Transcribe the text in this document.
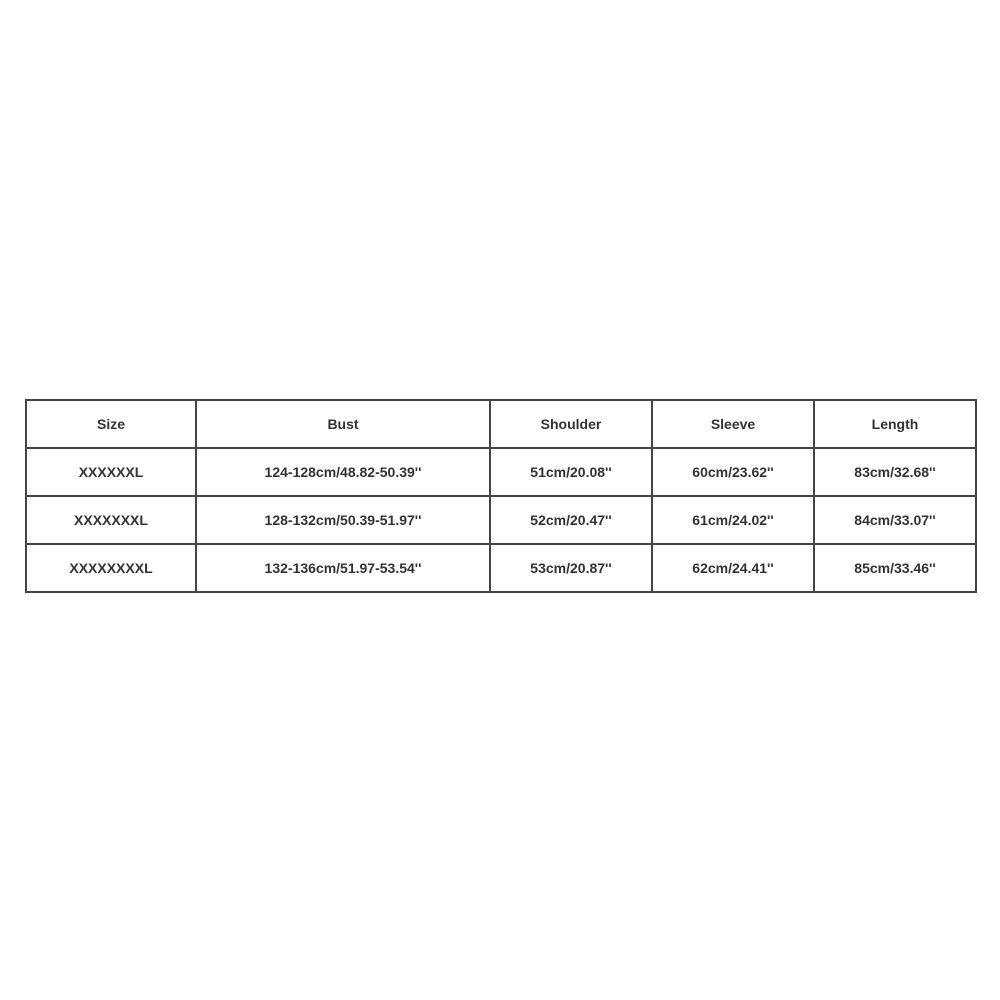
Size	Bust	Shoulder	Sleeve	Length
XXXXXXL	124-128cm/48.82-50.39''	51cm/20.08''	60cm/23.62''	83cm/32.68''
XXXXXXXL	128-132cm/50.39-51.97''	52cm/20.47''	61cm/24.02''	84cm/33.07''
XXXXXXXXL	132-136cm/51.97-53.54''	53cm/20.87''	62cm/24.41''	85cm/33.46''
